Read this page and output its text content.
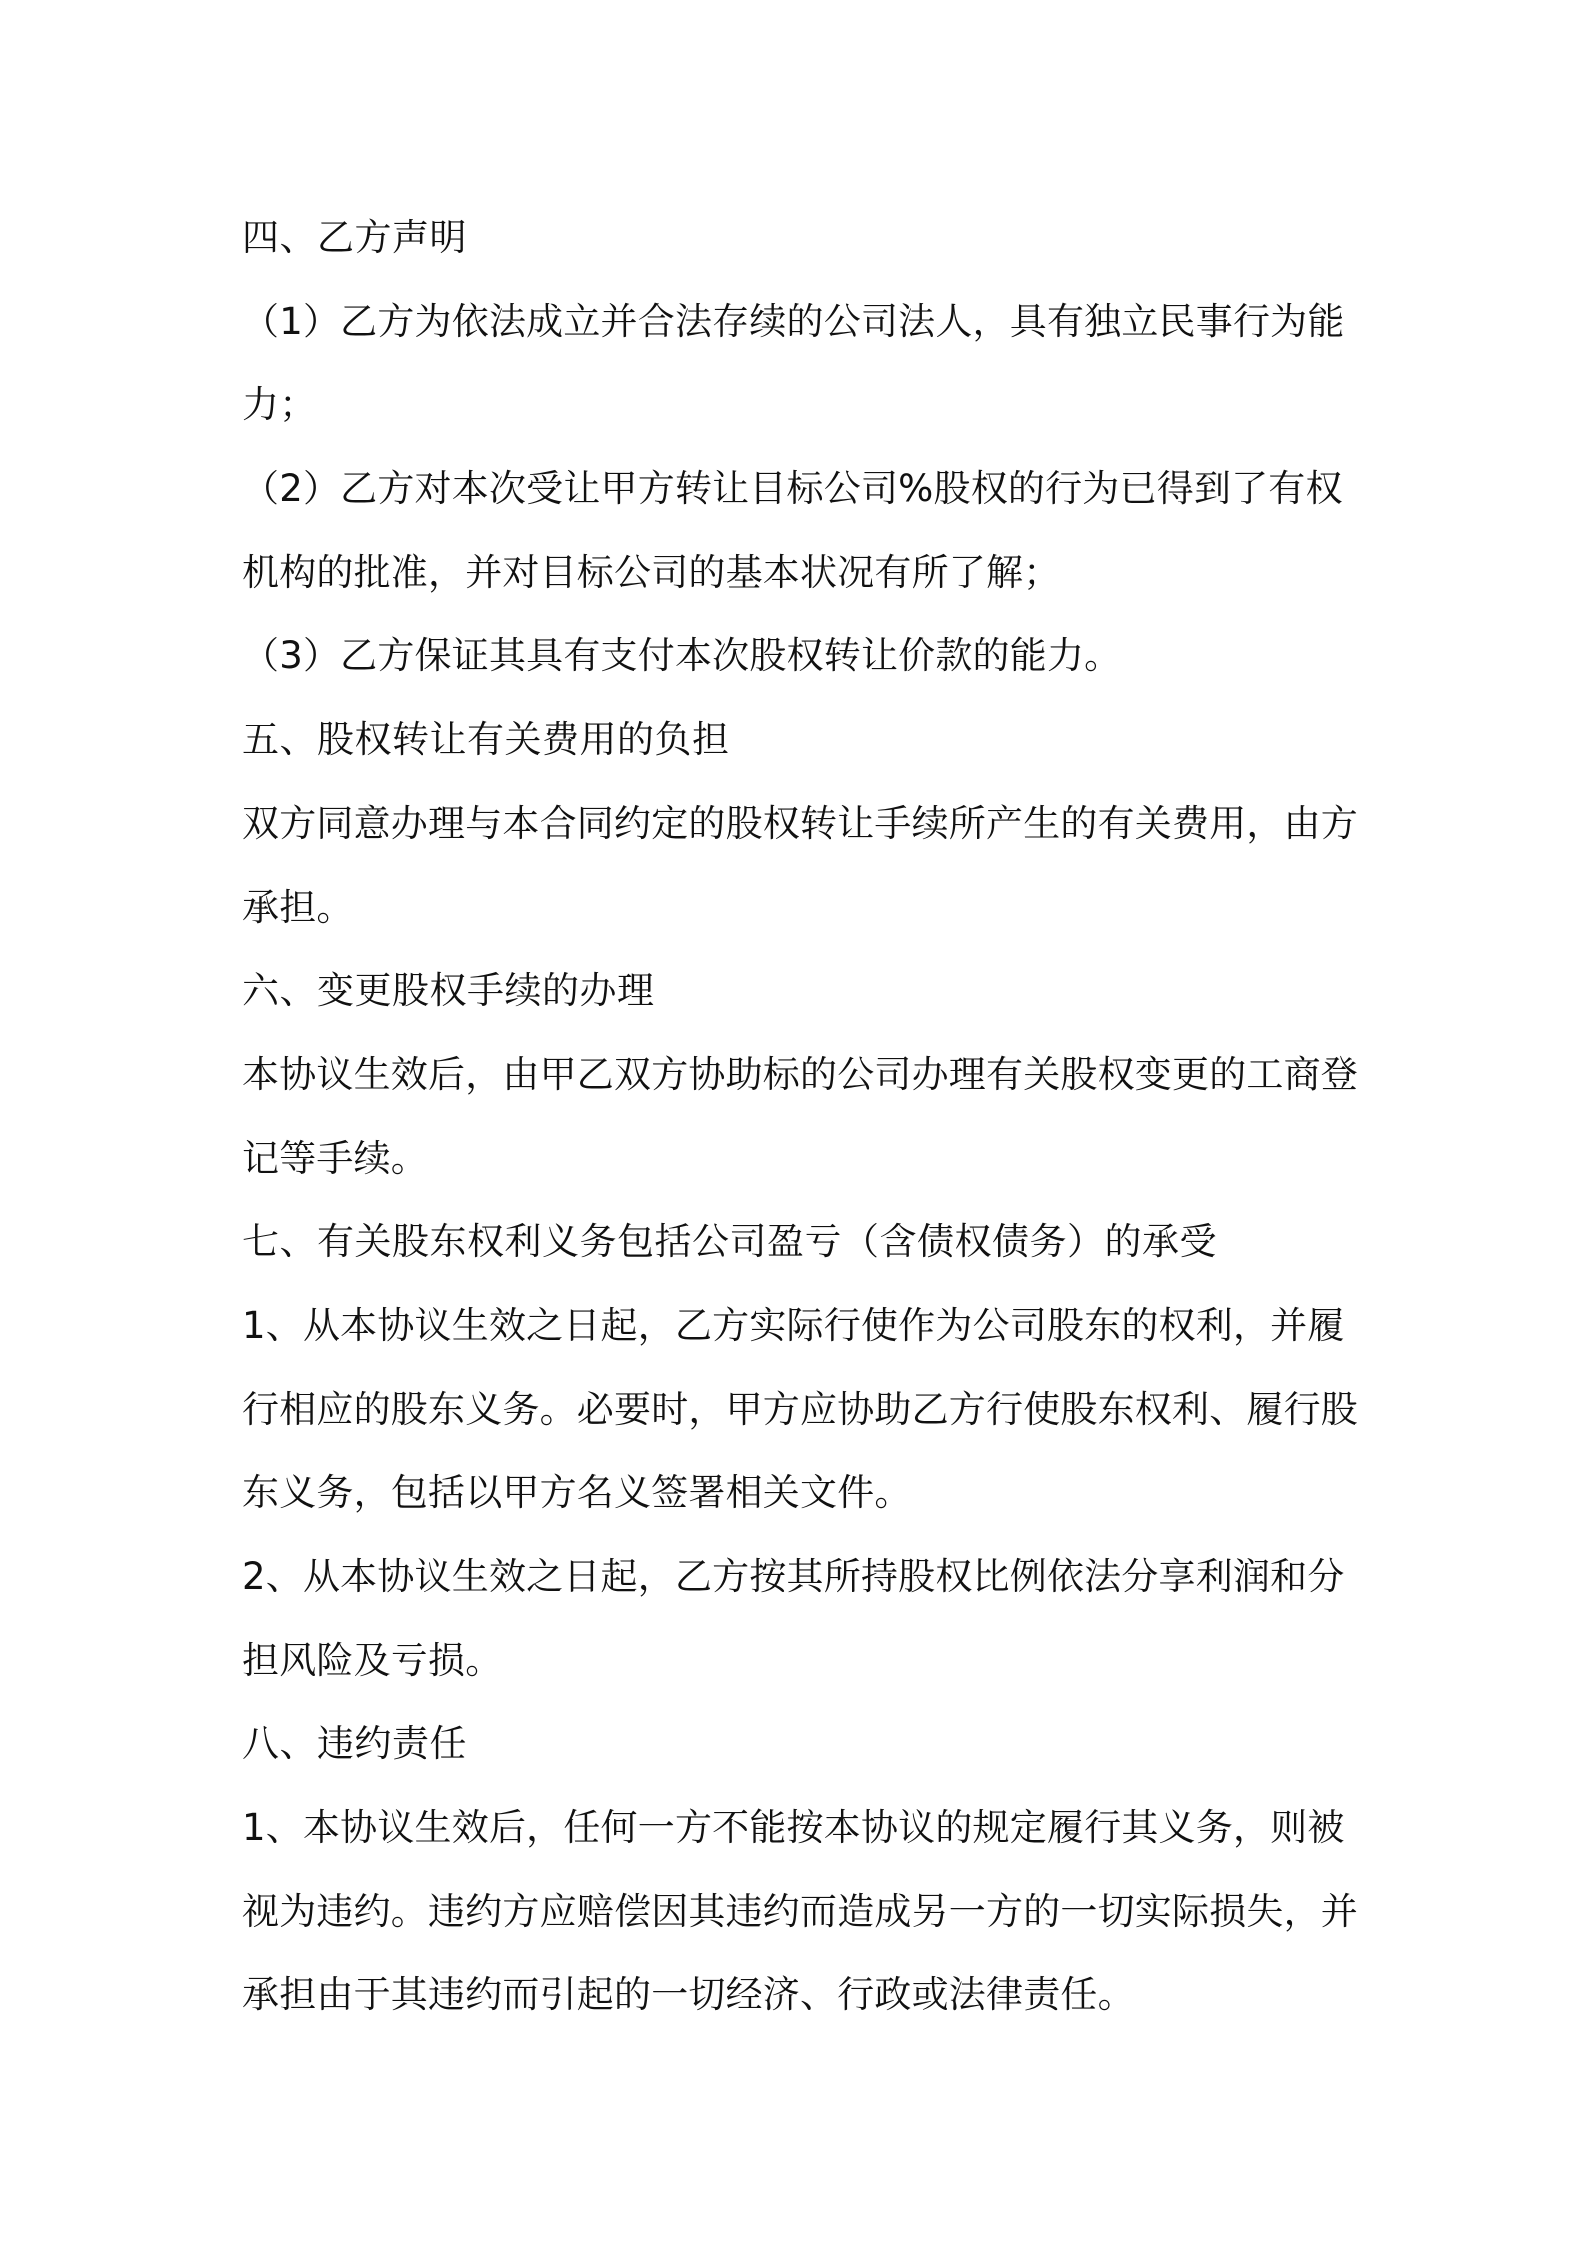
四、乙方声明
（1）乙方为依法成立并合法存续的公司法人，具有独立民事行为能
力；
（2）乙方对本次受让甲方转让目标公司%股权的行为已得到了有权
机构的批准，并对目标公司的基本状况有所了解；
（3）乙方保证其具有支付本次股权转让价款的能力。
五、股权转让有关费用的负担
双方同意办理与本合同约定的股权转让手续所产生的有关费用，由方
承担。
六、变更股权手续的办理
本协议生效后，由甲乙双方协助标的公司办理有关股权变更的工商登
记等手续。
七、有关股东权利义务包括公司盈亏（含债权债务）的承受
1、从本协议生效之日起，乙方实际行使作为公司股东的权利，并履
行相应的股东义务。必要时，甲方应协助乙方行使股东权利、履行股
东义务，包括以甲方名义签署相关文件。
2、从本协议生效之日起，乙方按其所持股权比例依法分享利润和分
担风险及亏损。
八、违约责任
1、本协议生效后，任何一方不能按本协议的规定履行其义务，则被
视为违约。违约方应赔偿因其违约而造成另一方的一切实际损失，并
承担由于其违约而引起的一切经济、行政或法律责任。
